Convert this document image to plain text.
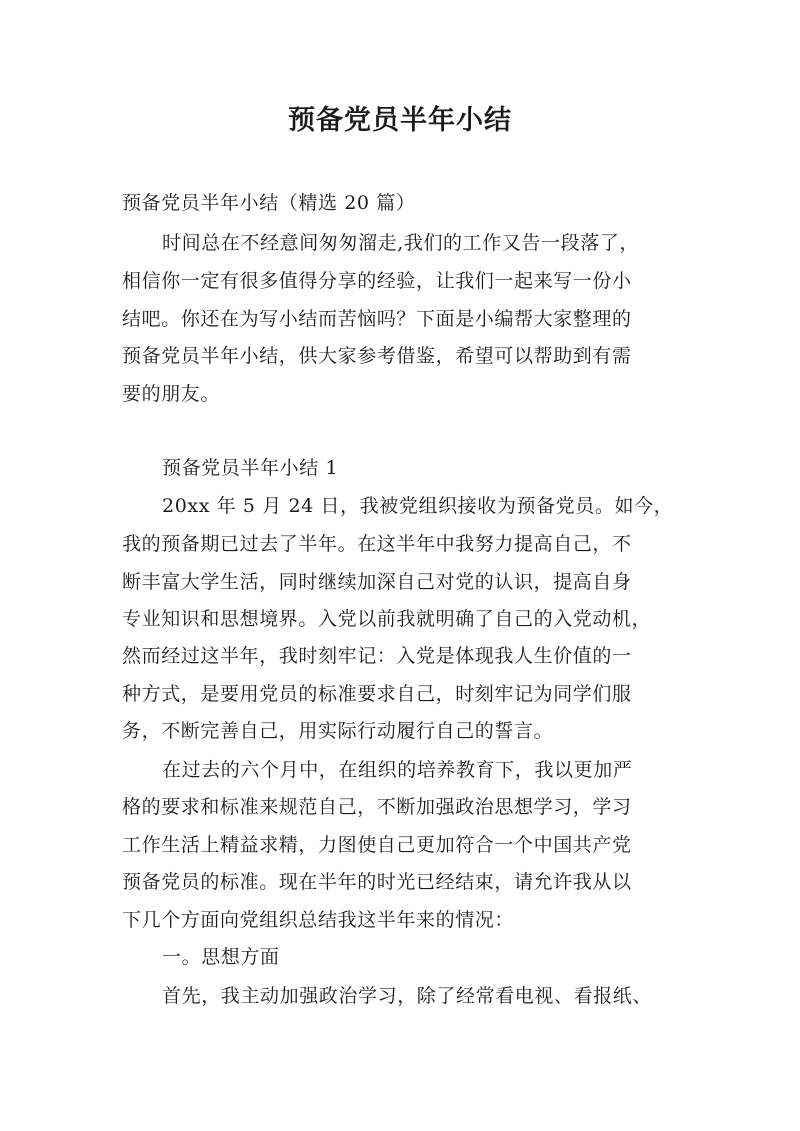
预备党员半年小结
预备党员半年小结（精选 20 篇）
时间总在不经意间匆匆溜走,我们的工作又告一段落了，
相信你一定有很多值得分享的经验，让我们一起来写一份小
结吧。你还在为写小结而苦恼吗？下面是小编帮大家整理的
预备党员半年小结，供大家参考借鉴，希望可以帮助到有需
要的朋友。
预备党员半年小结 1
20xx 年 5 月 24 日，我被党组织接收为预备党员。如今，
我的预备期已过去了半年。在这半年中我努力提高自己，不
断丰富大学生活，同时继续加深自己对党的认识，提高自身
专业知识和思想境界。入党以前我就明确了自己的入党动机，
然而经过这半年，我时刻牢记：入党是体现我人生价值的一
种方式，是要用党员的标准要求自己，时刻牢记为同学们服
务，不断完善自己，用实际行动履行自己的誓言。
在过去的六个月中，在组织的培养教育下，我以更加严
格的要求和标准来规范自己，不断加强政治思想学习，学习
工作生活上精益求精，力图使自己更加符合一个中国共产党
预备党员的标准。现在半年的时光已经结束，请允许我从以
下几个方面向党组织总结我这半年来的情况：
一。思想方面
首先，我主动加强政治学习，除了经常看电视、看报纸、
